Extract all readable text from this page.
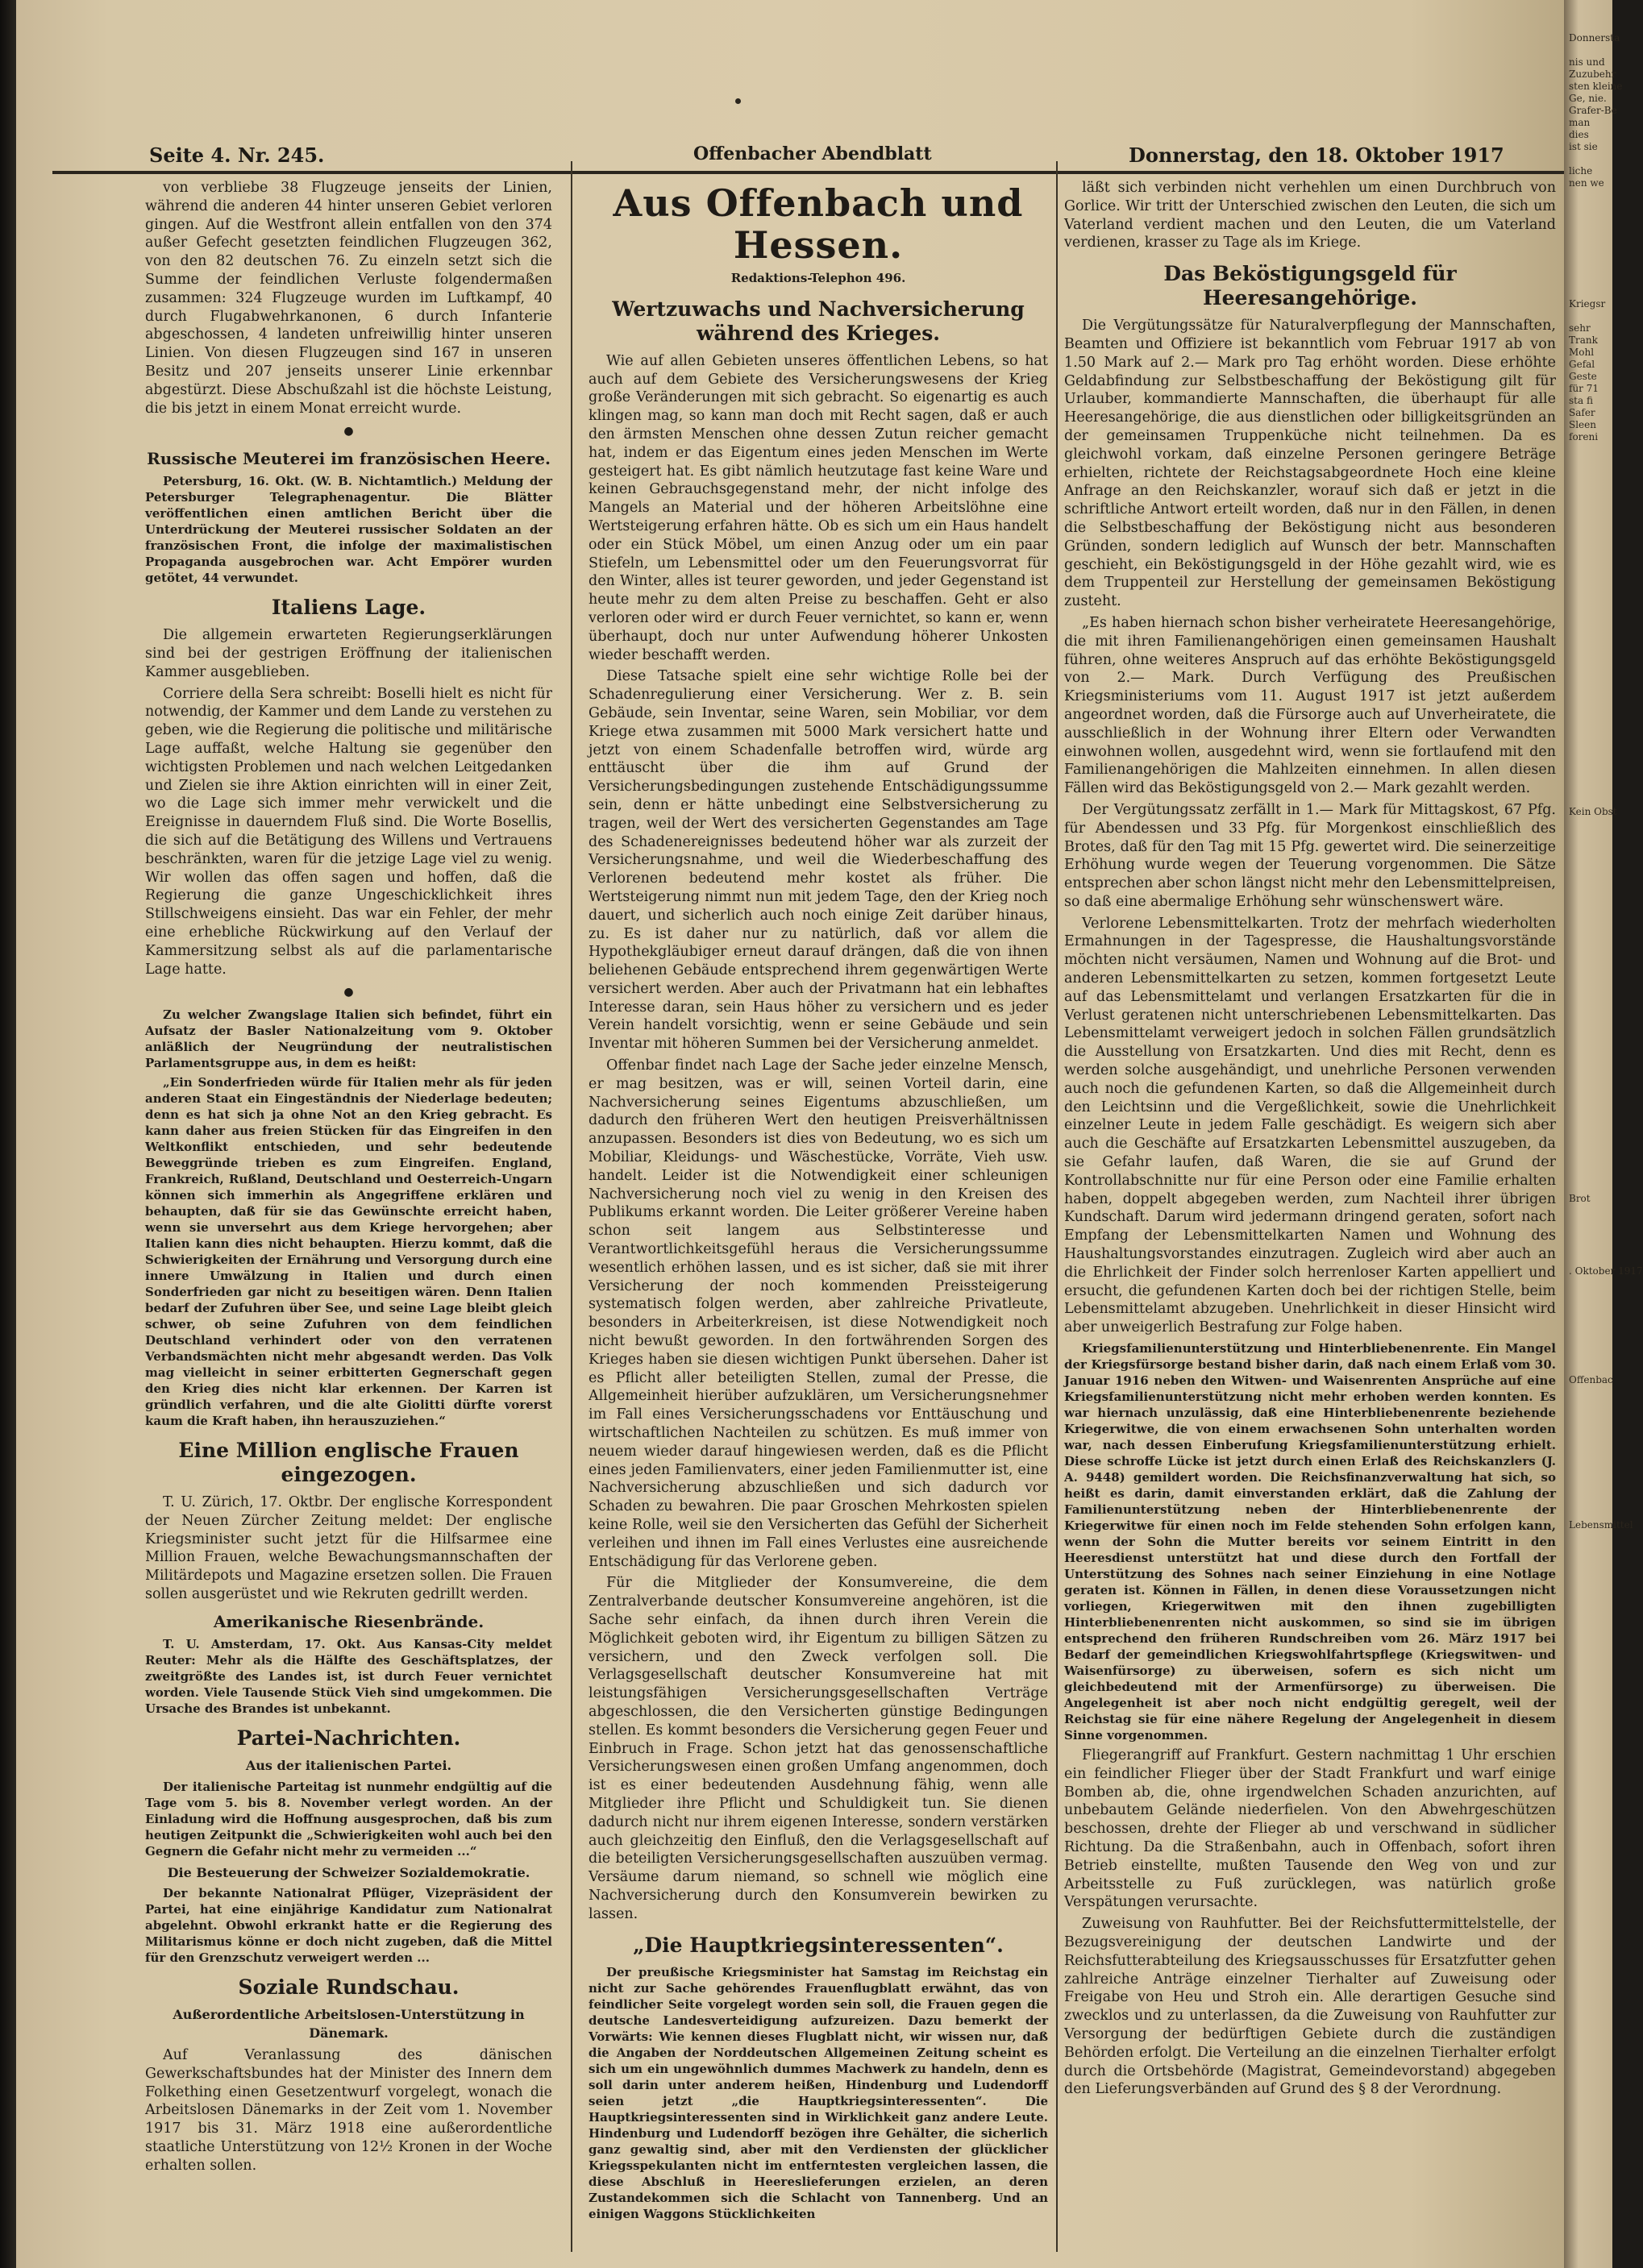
Seite 4. Nr. 245.	Offenbacher Abendblatt	Donnerstag, den 18. Oktober 1917

von verbliebe 38 Flugzeuge jenseits der Linien, während die anderen 44 hinter unseren Gebiet verloren gingen. Auf die Westfront allein entfallen von den 374 außer Gefecht gesetzten feindlichen Flugzeugen 362, von den 82 deutschen 76. Zu einzeln setzt sich die Summe der feindlichen Verluste folgendermaßen zusammen: 324 Flugzeuge wurden im Luftkampf, 40 durch Flugabwehrkanonen, 6 durch Infanterie abgeschossen, 4 landeten unfreiwillig hinter unseren Linien. Von diesen Flugzeugen sind 167 in unseren Besitz und 207 jenseits unserer Linie erkennbar abgestürzt. Diese Abschußzahl ist die höchste Leistung, die bis jetzt in einem Monat erreicht wurde.

●
Russische Meuterei im französischen Heere.

Petersburg, 16. Okt. (W. B. Nichtamtlich.) Meldung der Petersburger Telegraphenagentur. Die Blätter veröffentlichen einen amtlichen Bericht über die Unterdrückung der Meuterei russischer Soldaten an der französischen Front, die infolge der maximalistischen Propaganda ausgebrochen war. Acht Empörer wurden getötet, 44 verwundet.

Italiens Lage.

Die allgemein erwarteten Regierungserklärungen sind bei der gestrigen Eröffnung der italienischen Kammer ausgeblieben.

Corriere della Sera schreibt: Boselli hielt es nicht für notwendig, der Kammer und dem Lande zu verstehen zu geben, wie die Regierung die politische und militärische Lage auffaßt, welche Haltung sie gegenüber den wichtigsten Problemen und nach welchen Leitgedanken und Zielen sie ihre Aktion einrichten will in einer Zeit, wo die Lage sich immer mehr verwickelt und die Ereignisse in dauerndem Fluß sind. Die Worte Bosellis, die sich auf die Betätigung des Willens und Vertrauens beschränkten, waren für die jetzige Lage viel zu wenig. Wir wollen das offen sagen und hoffen, daß die Regierung die ganze Ungeschicklichkeit ihres Stillschweigens einsieht. Das war ein Fehler, der mehr eine erhebliche Rückwirkung auf den Verlauf der Kammersitzung selbst als auf die parlamentarische Lage hatte.

●

Zu welcher Zwangslage Italien sich befindet, führt ein Aufsatz der Basler Nationalzeitung vom 9. Oktober anläßlich der Neugründung der neutralistischen Parlamentsgruppe aus, in dem es heißt:

„Ein Sonderfrieden würde für Italien mehr als für jeden anderen Staat ein Eingeständnis der Niederlage bedeuten; denn es hat sich ja ohne Not an den Krieg gebracht. Es kann daher aus freien Stücken für das Eingreifen in den Weltkonflikt entschieden, und sehr bedeutende Beweggründe trieben es zum Eingreifen. England, Frankreich, Rußland, Deutschland und Oesterreich-Ungarn können sich immerhin als Angegriffene erklären und behaupten, daß für sie das Gewünschte erreicht haben, wenn sie unversehrt aus dem Kriege hervorgehen; aber Italien kann dies nicht behaupten. Hierzu kommt, daß die Schwierigkeiten der Ernährung und Versorgung durch eine innere Umwälzung in Italien und durch einen Sonderfrieden gar nicht zu beseitigen wären. Denn Italien bedarf der Zufuhren über See, und seine Lage bleibt gleich schwer, ob seine Zufuhren von dem feindlichen Deutschland verhindert oder von den verratenen Verbandsmächten nicht mehr abgesandt werden. Das Volk mag vielleicht in seiner erbitterten Gegnerschaft gegen den Krieg dies nicht klar erkennen. Der Karren ist gründlich verfahren, und die alte Giolitti dürfte vorerst kaum die Kraft haben, ihn herauszuziehen.“

Eine Million englische Frauen eingezogen.

T. U. Zürich, 17. Oktbr. Der englische Korrespondent der Neuen Zürcher Zeitung meldet: Der englische Kriegsminister sucht jetzt für die Hilfsarmee eine Million Frauen, welche Bewachungsmannschaften der Militärdepots und Magazine ersetzen sollen. Die Frauen sollen ausgerüstet und wie Rekruten gedrillt werden.

Amerikanische Riesenbrände.

T. U. Amsterdam, 17. Okt. Aus Kansas-City meldet Reuter: Mehr als die Hälfte des Geschäftsplatzes, der zweitgrößte des Landes ist, ist durch Feuer vernichtet worden. Viele Tausende Stück Vieh sind umgekommen. Die Ursache des Brandes ist unbekannt.

Partei-Nachrichten.
Aus der italienischen Partei.

Der italienische Parteitag ist nunmehr endgültig auf die Tage vom 5. bis 8. November verlegt worden. An der Einladung wird die Hoffnung ausgesprochen, daß bis zum heutigen Zeitpunkt die „Schwierigkeiten wohl auch bei den Gegnern die Gefahr nicht mehr zu vermeiden ...“

Die Besteuerung der Schweizer Sozialdemokratie.

Der bekannte Nationalrat Pflüger, Vizepräsident der Partei, hat eine einjährige Kandidatur zum Nationalrat abgelehnt. Obwohl erkrankt hatte er die Regierung des Militarismus könne er doch nicht zugeben, daß die Mittel für den Grenzschutz verweigert werden ...

Soziale Rundschau.
Außerordentliche Arbeitslosen-Unterstützung in Dänemark.

Auf Veranlassung des dänischen Gewerkschaftsbundes hat der Minister des Innern dem Folkething einen Gesetzentwurf vorgelegt, wonach die Arbeitslosen Dänemarks in der Zeit vom 1. November 1917 bis 31. März 1918 eine außerordentliche staatliche Unterstützung von 12½ Kronen in der Woche erhalten sollen.

Aus Offenbach und Hessen.
Redaktions-Telephon 496.
Wertzuwachs und Nachversicherung während des Krieges.

Wie auf allen Gebieten unseres öffentlichen Lebens, so hat auch auf dem Gebiete des Versicherungswesens der Krieg große Veränderungen mit sich gebracht. So eigenartig es auch klingen mag, so kann man doch mit Recht sagen, daß er auch den ärmsten Menschen ohne dessen Zutun reicher gemacht hat, indem er das Eigentum eines jeden Menschen im Werte gesteigert hat. Es gibt nämlich heutzutage fast keine Ware und keinen Gebrauchsgegenstand mehr, der nicht infolge des Mangels an Material und der höheren Arbeitslöhne eine Wertsteigerung erfahren hätte. Ob es sich um ein Haus handelt oder ein Stück Möbel, um einen Anzug oder um ein paar Stiefeln, um Lebensmittel oder um den Feuerungsvorrat für den Winter, alles ist teurer geworden, und jeder Gegenstand ist heute mehr zu dem alten Preise zu beschaffen. Geht er also verloren oder wird er durch Feuer vernichtet, so kann er, wenn überhaupt, doch nur unter Aufwendung höherer Unkosten wieder beschafft werden.

Diese Tatsache spielt eine sehr wichtige Rolle bei der Schadenregulierung einer Versicherung. Wer z. B. sein Gebäude, sein Inventar, seine Waren, sein Mobiliar, vor dem Kriege etwa zusammen mit 5000 Mark versichert hatte und jetzt von einem Schadenfalle betroffen wird, würde arg enttäuscht über die ihm auf Grund der Versicherungsbedingungen zustehende Entschädigungssumme sein, denn er hätte unbedingt eine Selbstversicherung zu tragen, weil der Wert des versicherten Gegenstandes am Tage des Schadenereignisses bedeutend höher war als zurzeit der Versicherungsnahme, und weil die Wiederbeschaffung des Verlorenen bedeutend mehr kostet als früher. Die Wertsteigerung nimmt nun mit jedem Tage, den der Krieg noch dauert, und sicherlich auch noch einige Zeit darüber hinaus, zu. Es ist daher nur zu natürlich, daß vor allem die Hypothekgläubiger erneut darauf drängen, daß die von ihnen beliehenen Gebäude entsprechend ihrem gegenwärtigen Werte versichert werden. Aber auch der Privatmann hat ein lebhaftes Interesse daran, sein Haus höher zu versichern und es jeder Verein handelt vorsichtig, wenn er seine Gebäude und sein Inventar mit höheren Summen bei der Versicherung anmeldet.

Offenbar findet nach Lage der Sache jeder einzelne Mensch, er mag besitzen, was er will, seinen Vorteil darin, eine Nachversicherung seines Eigentums abzuschließen, um dadurch den früheren Wert den heutigen Preisverhältnissen anzupassen. Besonders ist dies von Bedeutung, wo es sich um Mobiliar, Kleidungs- und Wäschestücke, Vorräte, Vieh usw. handelt. Leider ist die Notwendigkeit einer schleunigen Nachversicherung noch viel zu wenig in den Kreisen des Publikums erkannt worden. Die Leiter größerer Vereine haben schon seit langem aus Selbstinteresse und Verantwortlichkeitsgefühl heraus die Versicherungssumme wesentlich erhöhen lassen, und es ist sicher, daß sie mit ihrer Versicherung der noch kommenden Preissteigerung systematisch folgen werden, aber zahlreiche Privatleute, besonders in Arbeiterkreisen, ist diese Notwendigkeit noch nicht bewußt geworden. In den fortwährenden Sorgen des Krieges haben sie diesen wichtigen Punkt übersehen. Daher ist es Pflicht aller beteiligten Stellen, zumal der Presse, die Allgemeinheit hierüber aufzuklären, um Versicherungsnehmer im Fall eines Versicherungsschadens vor Enttäuschung und wirtschaftlichen Nachteilen zu schützen. Es muß immer von neuem wieder darauf hingewiesen werden, daß es die Pflicht eines jeden Familienvaters, einer jeden Familienmutter ist, eine Nachversicherung abzuschließen und sich dadurch vor Schaden zu bewahren. Die paar Groschen Mehrkosten spielen keine Rolle, weil sie den Versicherten das Gefühl der Sicherheit verleihen und ihnen im Fall eines Verlustes eine ausreichende Entschädigung für das Verlorene geben.

Für die Mitglieder der Konsumvereine, die dem Zentralverbande deutscher Konsumvereine angehören, ist die Sache sehr einfach, da ihnen durch ihren Verein die Möglichkeit geboten wird, ihr Eigentum zu billigen Sätzen zu versichern, und den Zweck verfolgen soll. Die Verlagsgesellschaft deutscher Konsumvereine hat mit leistungsfähigen Versicherungsgesellschaften Verträge abgeschlossen, die den Versicherten günstige Bedingungen stellen. Es kommt besonders die Versicherung gegen Feuer und Einbruch in Frage. Schon jetzt hat das genossenschaftliche Versicherungswesen einen großen Umfang angenommen, doch ist es einer bedeutenden Ausdehnung fähig, wenn alle Mitglieder ihre Pflicht und Schuldigkeit tun. Sie dienen dadurch nicht nur ihrem eigenen Interesse, sondern verstärken auch gleichzeitig den Einfluß, den die Verlagsgesellschaft auf die beteiligten Versicherungsgesellschaften auszuüben vermag. Versäume darum niemand, so schnell wie möglich eine Nachversicherung durch den Konsumverein bewirken zu lassen.

„Die Hauptkriegsinteressenten“.

Der preußische Kriegsminister hat Samstag im Reichstag ein nicht zur Sache gehörendes Frauenflugblatt erwähnt, das von feindlicher Seite vorgelegt worden sein soll, die Frauen gegen die deutsche Landesverteidigung aufzureizen. Dazu bemerkt der Vorwärts: Wie kennen dieses Flugblatt nicht, wir wissen nur, daß die Angaben der Norddeutschen Allgemeinen Zeitung scheint es sich um ein ungewöhnlich dummes Machwerk zu handeln, denn es soll darin unter anderem heißen, Hindenburg und Ludendorff seien jetzt „die Hauptkriegsinteressenten“. Die Hauptkriegsinteressenten sind in Wirklichkeit ganz andere Leute. Hindenburg und Ludendorff bezögen ihre Gehälter, die sicherlich ganz gewaltig sind, aber mit den Verdiensten der glücklicher Kriegsspekulanten nicht im entferntesten vergleichen lassen, die diese Abschluß in Heereslieferungen erzielen, an deren Zustandekommen sich die Schlacht von Tannenberg. Und an einigen Waggons Stücklichkeiten

läßt sich verbinden nicht verhehlen um einen Durchbruch von Gorlice. Wir tritt der Unterschied zwischen den Leuten, die sich um Vaterland verdient machen und den Leuten, die um Vaterland verdienen, krasser zu Tage als im Kriege.

Das Beköstigungsgeld für Heeresangehörige.

Die Vergütungssätze für Naturalverpflegung der Mannschaften, Beamten und Offiziere ist bekanntlich vom Februar 1917 ab von 1.50 Mark auf 2.— Mark pro Tag erhöht worden. Diese erhöhte Geldabfindung zur Selbstbeschaffung der Beköstigung gilt für Urlauber, kommandierte Mannschaften, die überhaupt für alle Heeresangehörige, die aus dienstlichen oder billigkeitsgründen an der gemeinsamen Truppenküche nicht teilnehmen. Da es gleichwohl vorkam, daß einzelne Personen geringere Beträge erhielten, richtete der Reichstagsabgeordnete Hoch eine kleine Anfrage an den Reichskanzler, worauf sich daß er jetzt in die schriftliche Antwort erteilt worden, daß nur in den Fällen, in denen die Selbstbeschaffung der Beköstigung nicht aus besonderen Gründen, sondern lediglich auf Wunsch der betr. Mannschaften geschieht, ein Beköstigungsgeld in der Höhe gezahlt wird, wie es dem Truppenteil zur Herstellung der gemeinsamen Beköstigung zusteht.

„Es haben hiernach schon bisher verheiratete Heeresangehörige, die mit ihren Familienangehörigen einen gemeinsamen Haushalt führen, ohne weiteres Anspruch auf das erhöhte Beköstigungsgeld von 2.— Mark. Durch Verfügung des Preußischen Kriegsministeriums vom 11. August 1917 ist jetzt außerdem angeordnet worden, daß die Fürsorge auch auf Unverheiratete, die ausschließlich in der Wohnung ihrer Eltern oder Verwandten einwohnen wollen, ausgedehnt wird, wenn sie fortlaufend mit den Familienangehörigen die Mahlzeiten einnehmen. In allen diesen Fällen wird das Beköstigungsgeld von 2.— Mark gezahlt werden.

Der Vergütungssatz zerfällt in 1.— Mark für Mittagskost, 67 Pfg. für Abendessen und 33 Pfg. für Morgenkost einschließlich des Brotes, daß für den Tag mit 15 Pfg. gewertet wird. Die seinerzeitige Erhöhung wurde wegen der Teuerung vorgenommen. Die Sätze entsprechen aber schon längst nicht mehr den Lebensmittelpreisen, so daß eine abermalige Erhöhung sehr wünschenswert wäre.

Verlorene Lebensmittelkarten. Trotz der mehrfach wiederholten Ermahnungen in der Tagespresse, die Haushaltungsvorstände möchten nicht versäumen, Namen und Wohnung auf die Brot- und anderen Lebensmittelkarten zu setzen, kommen fortgesetzt Leute auf das Lebensmittelamt und verlangen Ersatzkarten für die in Verlust geratenen nicht unterschriebenen Lebensmittelkarten. Das Lebensmittelamt verweigert jedoch in solchen Fällen grundsätzlich die Ausstellung von Ersatzkarten. Und dies mit Recht, denn es werden solche ausgehändigt, und unehrliche Personen verwenden auch noch die gefundenen Karten, so daß die Allgemeinheit durch den Leichtsinn und die Vergeßlichkeit, sowie die Unehrlichkeit einzelner Leute in jedem Falle geschädigt. Es weigern sich aber auch die Geschäfte auf Ersatzkarten Lebensmittel auszugeben, da sie Gefahr laufen, daß Waren, die sie auf Grund der Kontrollabschnitte nur für eine Person oder eine Familie erhalten haben, doppelt abgegeben werden, zum Nachteil ihrer übrigen Kundschaft. Darum wird jedermann dringend geraten, sofort nach Empfang der Lebensmittelkarten Namen und Wohnung des Haushaltungsvorstandes einzutragen. Zugleich wird aber auch an die Ehrlichkeit der Finder solch herrenloser Karten appelliert und ersucht, die gefundenen Karten doch bei der richtigen Stelle, beim Lebensmittelamt abzugeben. Unehrlichkeit in dieser Hinsicht wird aber unweigerlich Bestrafung zur Folge haben.

Kriegsfamilienunterstützung und Hinterbliebenenrente. Ein Mangel der Kriegsfürsorge bestand bisher darin, daß nach einem Erlaß vom 30. Januar 1916 neben den Witwen- und Waisenrenten Ansprüche auf eine Kriegsfamilienunterstützung nicht mehr erhoben werden konnten. Es war hiernach unzulässig, daß eine Hinterbliebenenrente beziehende Kriegerwitwe, die von einem erwachsenen Sohn unterhalten worden war, nach dessen Einberufung Kriegsfamilienunterstützung erhielt. Diese schroffe Lücke ist jetzt durch einen Erlaß des Reichskanzlers (J. A. 9448) gemildert worden. Die Reichsfinanzverwaltung hat sich, so heißt es darin, damit einverstanden erklärt, daß die Zahlung der Familienunterstützung neben der Hinterbliebenenrente der Kriegerwitwe für einen noch im Felde stehenden Sohn erfolgen kann, wenn der Sohn die Mutter bereits vor seinem Eintritt in den Heeresdienst unterstützt hat und diese durch den Fortfall der Unterstützung des Sohnes nach seiner Einziehung in eine Notlage geraten ist. Können in Fällen, in denen diese Voraussetzungen nicht vorliegen, Kriegerwitwen mit den ihnen zugebilligten Hinterbliebenenrenten nicht auskommen, so sind sie im übrigen entsprechend den früheren Rundschreiben vom 26. März 1917 bei Bedarf der gemeindlichen Kriegswohlfahrtspflege (Kriegswitwen- und Waisenfürsorge) zu überweisen, sofern es sich nicht um gleichbedeutend mit der Armenfürsorge) zu überweisen. Die Angelegenheit ist aber noch nicht endgültig geregelt, weil der Reichstag sie für eine nähere Regelung der Angelegenheit in diesem Sinne vorgenommen.

Fliegerangriff auf Frankfurt. Gestern nachmittag 1 Uhr erschien ein feindlicher Flieger über der Stadt Frankfurt und warf einige Bomben ab, die, ohne irgendwelchen Schaden anzurichten, auf unbebautem Gelände niederfielen. Von den Abwehrgeschützen beschossen, drehte der Flieger ab und verschwand in südlicher Richtung. Da die Straßenbahn, auch in Offenbach, sofort ihren Betrieb einstellte, mußten Tausende den Weg von und zur Arbeitsstelle zu Fuß zurücklegen, was natürlich große Verspätungen verursachte.

Zuweisung von Rauhfutter. Bei der Reichsfuttermittelstelle, der Bezugsvereinigung der deutschen Landwirte und der Reichsfutterabteilung des Kriegsausschusses für Ersatzfutter gehen zahlreiche Anträge einzelner Tierhalter auf Zuweisung oder Freigabe von Heu und Stroh ein. Alle derartigen Gesuche sind zwecklos und zu unterlassen, da die Zuweisung von Rauhfutter zur Versorgung der bedürftigen Gebiete durch die zuständigen Behörden erfolgt. Die Verteilung an die einzelnen Tierhalter erfolgt durch die Ortsbehörde (Magistrat, Gemeindevorstand) abgegeben den Lieferungsverbänden auf Grund des § 8 der Verordnung.

Donnersta

nis und
Zuzubehr
sten kleine
Ge, nie.
Grafer-Be
man
dies
ist sie

liche
nen we

Kriegsr

sehr
Trank
Mohl
Gefal
Geste
für 71
sta fi
Safer
Sleen
foreni

Kein Obst

Brot

. Oktober 1917

Offenbac

Lebensmittel
